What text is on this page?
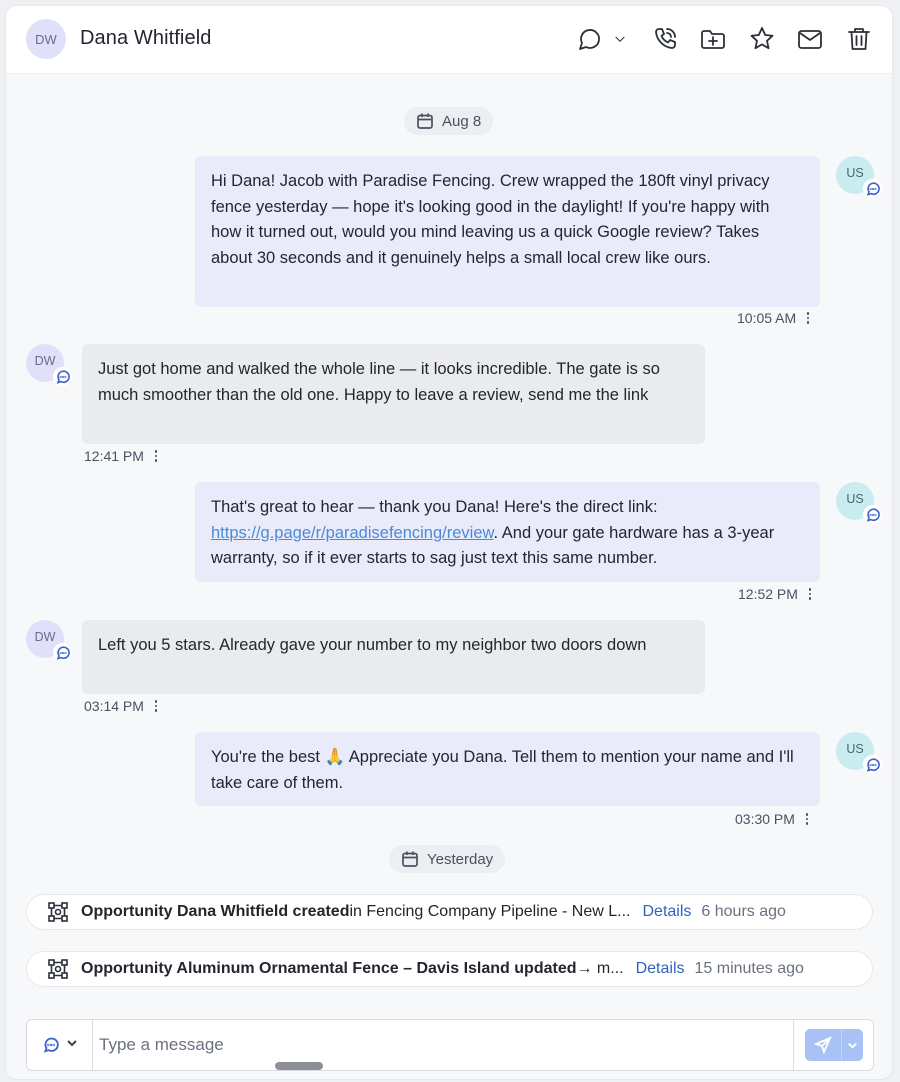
DW	Dana Whitfield
Aug 8
Hi Dana! Jacob with Paradise Fencing. Crew wrapped the 180ft vinyl privacy fence yesterday — hope it's looking good in the daylight! If you're happy with how it turned out, would you mind leaving us a quick Google review? Takes about 30 seconds and it genuinely helps a small local crew like ours.
US
10:05 AM
DW	Just got home and walked the whole line — it looks incredible. The gate is so much smoother than the old one. Happy to leave a review, send me the link
12:41 PM
That's great to hear — thank you Dana! Here's the direct link: https://g.page/r/paradisefencing/review. And your gate hardware has a 3-year warranty, so if it ever starts to sag just text this same number.
US
12:52 PM
DW	Left you 5 stars. Already gave your number to my neighbor two doors down
03:14 PM
You're the best 🙏 Appreciate you Dana. Tell them to mention your name and I'll take care of them.
US
03:30 PM
Yesterday
Opportunity Dana Whitfield created in Fencing Company Pipeline - New L... Details 6 hours ago
Opportunity Aluminum Ornamental Fence – Davis Island updated → m... Details 15 minutes ago
Type a message
